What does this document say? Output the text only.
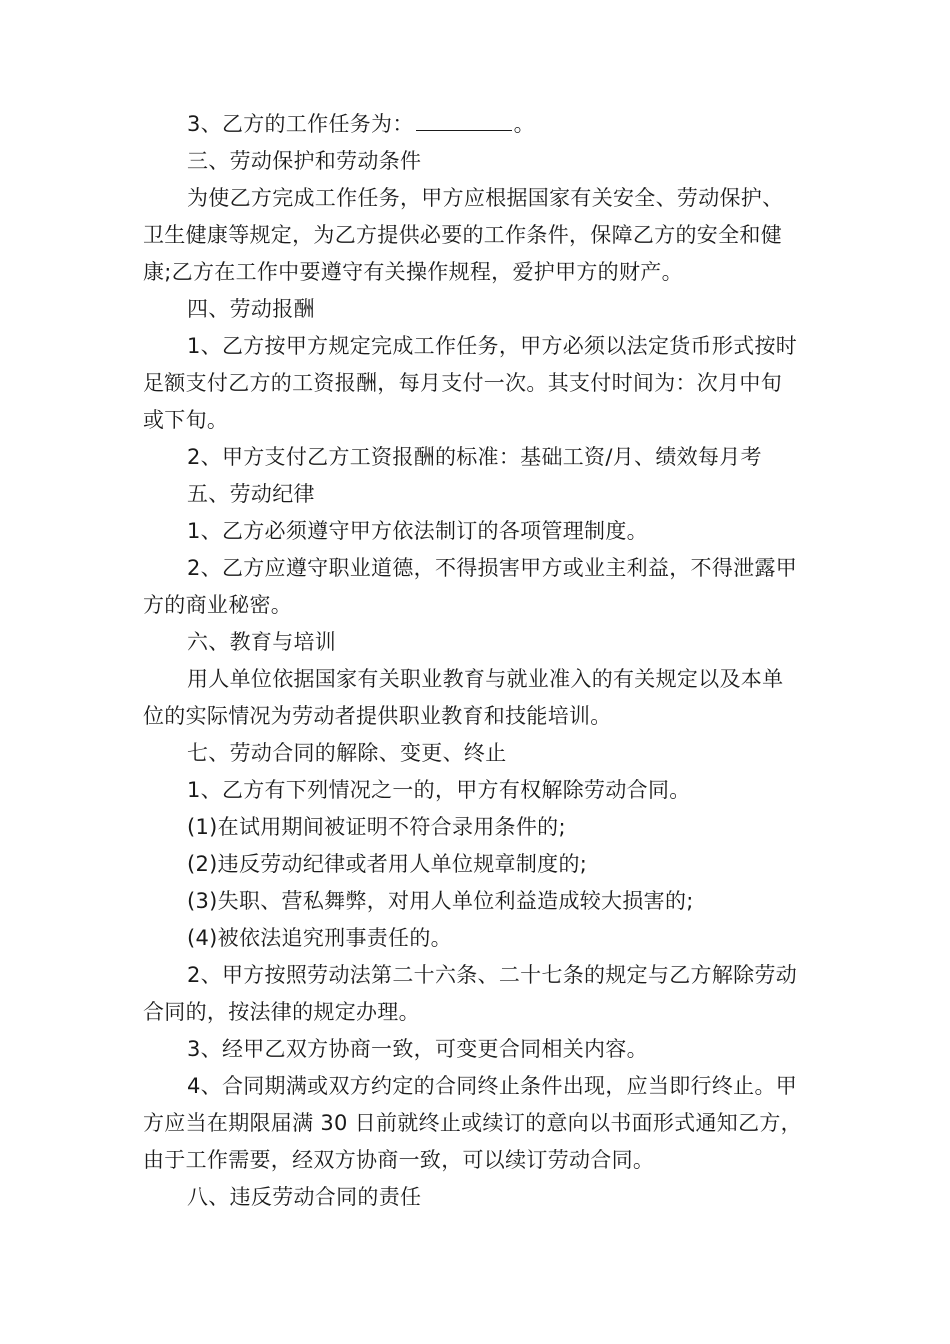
3、乙方的工作任务为：	。
三、劳动保护和劳动条件
为使乙方完成工作任务，甲方应根据国家有关安全、劳动保护、
卫生健康等规定，为乙方提供必要的工作条件，保障乙方的安全和健
康;乙方在工作中要遵守有关操作规程，爱护甲方的财产。
四、劳动报酬
1、乙方按甲方规定完成工作任务，甲方必须以法定货币形式按时
足额支付乙方的工资报酬，每月支付一次。其支付时间为：次月中旬
或下旬。
2、甲方支付乙方工资报酬的标准：基础工资/月、绩效每月考
五、劳动纪律
1、乙方必须遵守甲方依法制订的各项管理制度。
2、乙方应遵守职业道德，不得损害甲方或业主利益，不得泄露甲
方的商业秘密。
六、教育与培训
用人单位依据国家有关职业教育与就业准入的有关规定以及本单
位的实际情况为劳动者提供职业教育和技能培训。
七、劳动合同的解除、变更、终止
1、乙方有下列情况之一的，甲方有权解除劳动合同。
(1)在试用期间被证明不符合录用条件的;
(2)违反劳动纪律或者用人单位规章制度的;
(3)失职、营私舞弊，对用人单位利益造成较大损害的;
(4)被依法追究刑事责任的。
2、甲方按照劳动法第二十六条、二十七条的规定与乙方解除劳动
合同的，按法律的规定办理。
3、经甲乙双方协商一致，可变更合同相关内容。
4、合同期满或双方约定的合同终止条件出现，应当即行终止。甲
方应当在期限届满 30 日前就终止或续订的意向以书面形式通知乙方，
由于工作需要，经双方协商一致，可以续订劳动合同。
八、违反劳动合同的责任
